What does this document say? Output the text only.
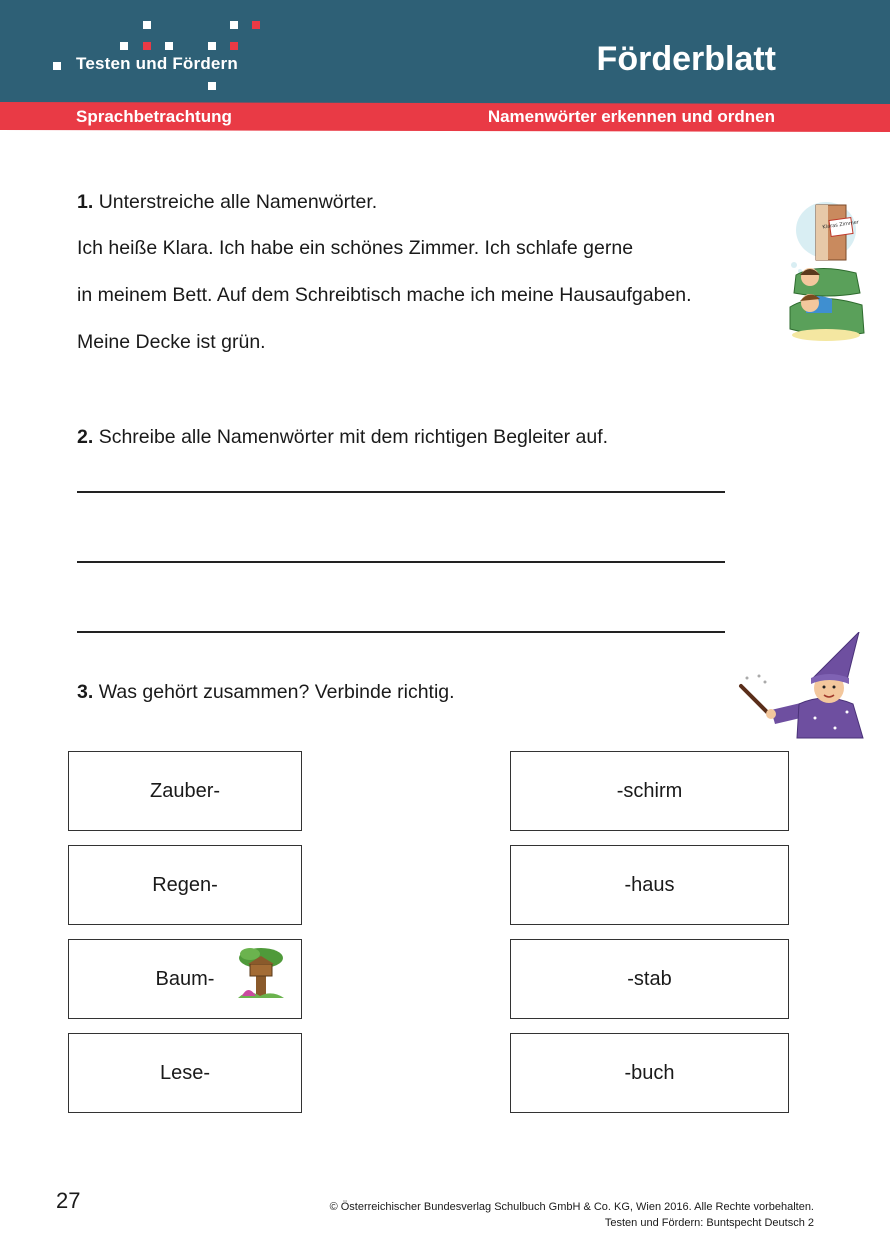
Testen und Fördern	Förderblatt
Sprachbetrachtung	Namenwörter erkennen und ordnen
1. Unterstreiche alle Namenwörter.
Ich heiße Klara. Ich habe ein schönes Zimmer. Ich schlafe gerne
in meinem Bett. Auf dem Schreibtisch mache ich meine Hausaufgaben.
Meine Decke ist grün.
Klaras Zimmer
2. Schreibe alle Namenwörter mit dem richtigen Begleiter auf.
3. Was gehört zusammen? Verbinde richtig.
Zauber-
Regen-
Baum-
Lese-
-schirm
-haus
-stab
-buch
27	© Österreichischer Bundesverlag Schulbuch GmbH & Co. KG, Wien 2016. Alle Rechte vorbehalten.
Testen und Fördern: Buntspecht Deutsch 2
